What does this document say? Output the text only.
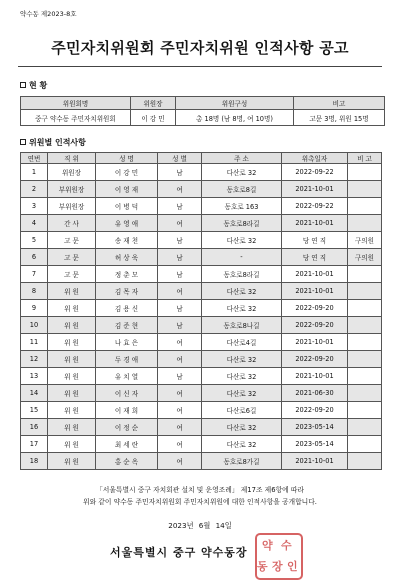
약수동 제2023-8호
주민자치위원회 주민자치위원 인적사항 공고
현 황
위원회명	위원장	위원구성	비고
중구 약수동 주민자치위원회	이 강 민	총 18명 (남 8명, 여 10명)	고문 3명, 위원 15명
위원별 인적사항
연번	직 위	성 명	성 별	주 소	위촉일자	비 고
1	위원장	이 강 민	남	다산로 32	2022-09-22	
2	부위원장	이 영 재	여	동호로8길	2021-10-01	
3	부위원장	이 병 덕	남	동호로 163	2022-09-22	
4	간 사	유 영 애	여	동호로8라길	2021-10-01	
5	고 문	송 재 천	남	다산로 32	당 연 직	구의원
6	고 문	허 상 욱	남	-	당 연 직	구의원
7	고 문	정 춘 모	남	동호로8라길	2021-10-01	
8	위 원	김 목 자	여	다산로 32	2021-10-01	
9	위 원	김 용 신	남	다산로 32	2022-09-20	
10	위 원	김 준 현	남	동호로8나길	2022-09-20	
11	위 원	나 효 은	여	다산로4길	2021-10-01	
12	위 원	두 경 애	여	다산로 32	2022-09-20	
13	위 원	유 치 열	남	다산로 32	2021-10-01	
14	위 원	이 신 자	여	다산로 32	2021-06-30	
15	위 원	이 재 희	여	다산로6길	2022-09-20	
16	위 원	이 정 순	여	다산로 32	2023-05-14	
17	위 원	최 세 란	여	다산로 32	2023-05-14	
18	위 원	홍 순 옥	여	동호로8가길	2021-10-01	
「서울특별시 중구 자치회관 설치 및 운영조례」 제17조 제6항에 따라
위와 같이 약수동 주민자치위원회 주민자치위원에 대한 인적사항을 공개합니다.
2023년 6월 14일
서울특별시 중구 약수동장
약 수
동 장 인
